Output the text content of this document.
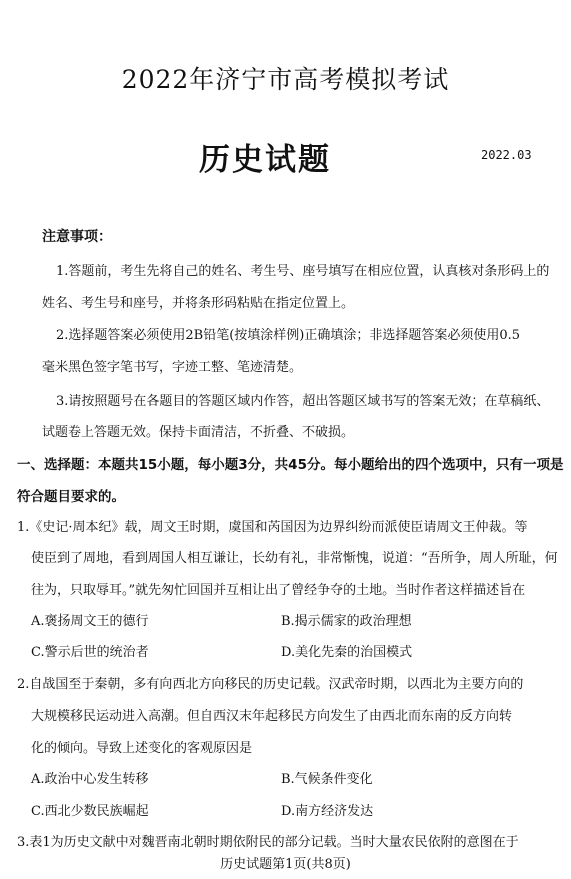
2022年济宁市高考模拟考试
历史试题	2022.03
注意事项：
1.答题前，考生先将自己的姓名、考生号、座号填写在相应位置，认真核对条形码上的
姓名、考生号和座号，并将条形码粘贴在指定位置上。
2.选择题答案必须使用2B铅笔(按填涂样例)正确填涂；非选择题答案必须使用0.5
毫米黑色签字笔书写，字迹工整、笔迹清楚。
3.请按照题号在各题目的答题区域内作答，超出答题区域书写的答案无效；在草稿纸、
试题卷上答题无效。保持卡面清洁，不折叠、不破损。
一、选择题：本题共15小题，每小题3分，共45分。每小题给出的四个选项中，只有一项是
符合题目要求的。
1.《史记·周本纪》载，周文王时期，虞国和芮国因为边界纠纷而派使臣请周文王仲裁。等
使臣到了周地，看到周国人相互谦让，长幼有礼，非常惭愧，说道：“吾所争，周人所耻，何
往为，只取辱耳。”就先匆忙回国并互相让出了曾经争夺的土地。当时作者这样描述旨在
A.褒扬周文王的德行	B.揭示儒家的政治理想
C.警示后世的统治者	D.美化先秦的治国模式
2.自战国至于秦朝，多有向西北方向移民的历史记载。汉武帝时期，以西北为主要方向的
大规模移民运动进入高潮。但自西汉末年起移民方向发生了由西北而东南的反方向转
化的倾向。导致上述变化的客观原因是
A.政治中心发生转移	B.气候条件变化
C.西北少数民族崛起	D.南方经济发达
3.表1为历史文献中对魏晋南北朝时期依附民的部分记载。当时大量农民依附的意图在于
历史试题第1页(共8页)
